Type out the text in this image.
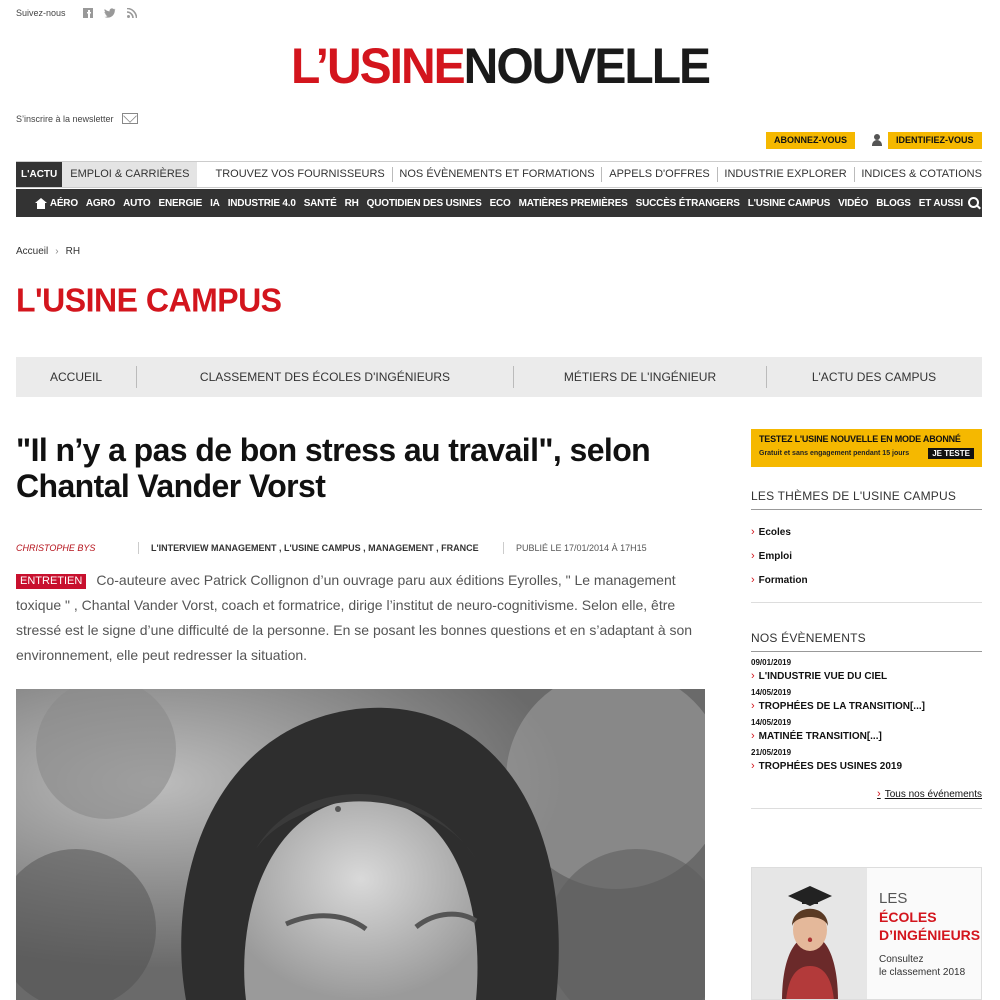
Suivez-nous
L’USINENOUVELLE
S’inscrire à la newsletter
ABONNEZ-VOUS	IDENTIFIEZ-VOUS
L'ACTU	EMPLOI & CARRIÈRES	TROUVEZ VOS FOURNISSEURS	NOS ÉVÈNEMENTS ET FORMATIONS	APPELS D'OFFRES	INDUSTRIE EXPLORER	INDICES & COTATIONS
AÉRO AGRO AUTO ENERGIE IA INDUSTRIE 4.0 SANTÉ RH QUOTIDIEN DES USINES ECO MATIÈRES PREMIÈRES SUCCÈS ÉTRANGERS L'USINE CAMPUS VIDÉO BLOGS ET AUSSI
Accueil › RH
L'USINE CAMPUS
ACCUEIL	CLASSEMENT DES ÉCOLES D'INGÉNIEURS	MÉTIERS DE L'INGÉNIEUR	L'ACTU DES CAMPUS
"Il n’y a pas de bon stress au travail", selon Chantal Vander Vorst
CHRISTOPHE BYS	L'INTERVIEW MANAGEMENT , L'USINE CAMPUS , MANAGEMENT , FRANCE	PUBLIÉ LE 17/01/2014 À 17H15

ENTRETIEN Co-auteure avec Patrick Collignon d’un ouvrage paru aux éditions Eyrolles, " Le management toxique " , Chantal Vander Vorst, coach et formatrice, dirige l’institut de neuro-cognitivisme. Selon elle, être stressé est le signe d’une difficulté de la personne. En se posant les bonnes questions et en s’adaptant à son environnement, elle peut redresser la situation.

TESTEZ L'USINE NOUVELLE EN MODE ABONNÉ
Gratuit et sans engagement pendant 15 jours	JE TESTE
LES THÈMES DE L'USINE CAMPUS
› Ecoles
› Emploi
› Formation
NOS ÉVÈNEMENTS
09/01/2019
› L'INDUSTRIE VUE DU CIEL
14/05/2019
› TROPHÉES DE LA TRANSITION[...]
14/05/2019
› MATINÉE TRANSITION[...]
21/05/2019
› TROPHÉES DES USINES 2019
› Tous nos événements
LES
ÉCOLES
D’INGÉNIEURS
Consultez
le classement 2018
